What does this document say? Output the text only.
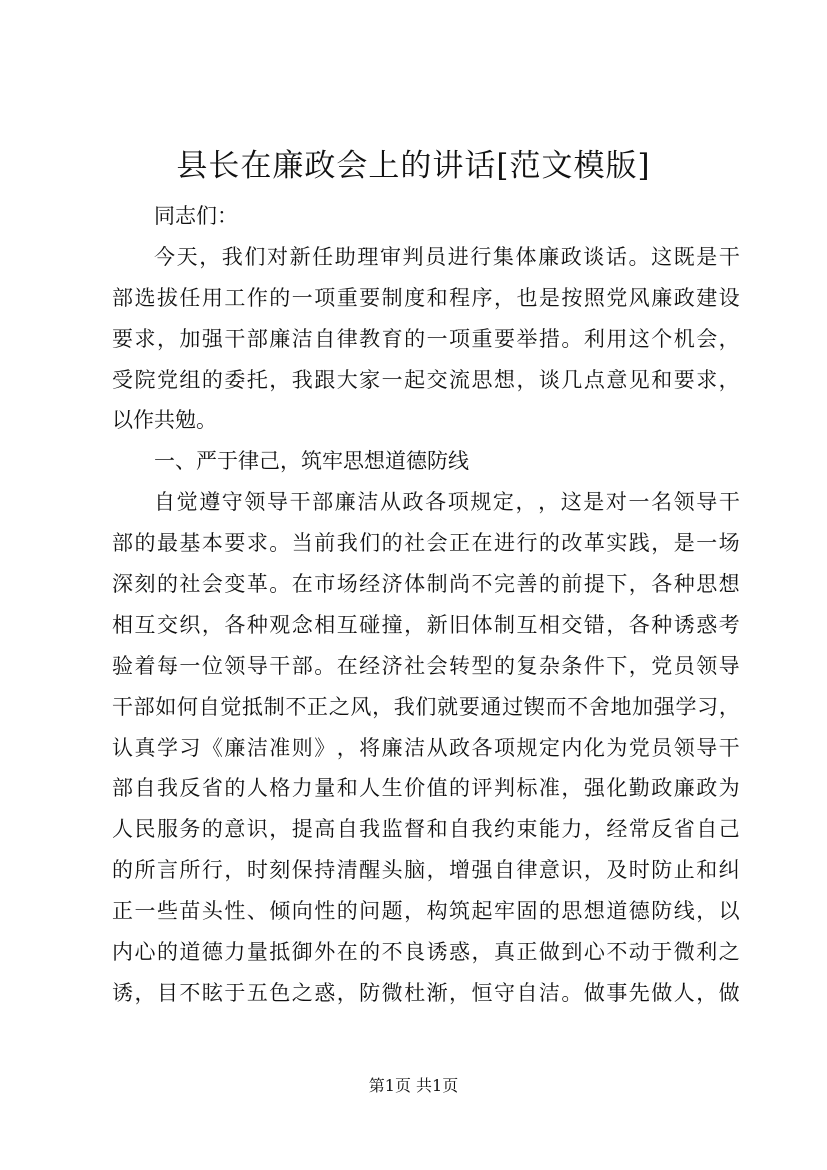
县长在廉政会上的讲话[范文模版]
同志们：
今 天 ， 我 们 对 新 任 助 理 审 判 员 进 行 集 体 廉 政 谈 话 。 这 既 是 干
部 选 拔 任 用 工 作 的 一 项 重 要 制 度 和 程 序 ， 也 是 按 照 党 风 廉 政 建 设
要 求 ， 加 强 干 部 廉 洁 自 律 教 育 的 一 项 重 要 举 措 。 利 用 这 个 机 会 ，
受 院 党 组 的 委 托 ， 我 跟 大 家 一 起 交 流 思 想 ， 谈 几 点 意 见 和 要 求 ，
以作共勉。
一、严于律己，筑牢思想道德防线
自 觉 遵 守 领 导 干 部 廉 洁 从 政 各 项 规 定 ， ， 这 是 对 一 名 领 导 干
部 的 最 基 本 要 求 。 当 前 我 们 的 社 会 正 在 进 行 的 改 革 实 践 ， 是 一 场
深 刻 的 社 会 变 革 。 在 市 场 经 济 体 制 尚 不 完 善 的 前 提 下 ， 各 种 思 想
相 互 交 织 ， 各 种 观 念 相 互 碰 撞 ， 新 旧 体 制 互 相 交 错 ， 各 种 诱 惑 考
验 着 每 一 位 领 导 干 部 。 在 经 济 社 会 转 型 的 复 杂 条 件 下 ， 党 员 领 导
干 部 如 何 自 觉 抵 制 不 正 之 风 ， 我 们 就 要 通 过 锲 而 不 舍 地 加 强 学 习 ，
认 真 学 习 《 廉 洁 准 则 》 ， 将 廉 洁 从 政 各 项 规 定 内 化 为 党 员 领 导 干
部 自 我 反 省 的 人 格 力 量 和 人 生 价 值 的 评 判 标 准 ， 强 化 勤 政 廉 政 为
人 民 服 务 的 意 识 ， 提 高 自 我 监 督 和 自 我 约 束 能 力 ， 经 常 反 省 自 己
的 所 言 所 行 ， 时 刻 保 持 清 醒 头 脑 ， 增 强 自 律 意 识 ， 及 时 防 止 和 纠
正 一 些 苗 头 性 、 倾 向 性 的 问 题 ， 构 筑 起 牢 固 的 思 想 道 德 防 线 ， 以
内 心 的 道 德 力 量 抵 御 外 在 的 不 良 诱 惑 ， 真 正 做 到 心 不 动 于 微 利 之
诱 ， 目 不 眩 于 五 色 之 惑 ， 防 微 杜 渐 ， 恒 守 自 洁 。 做 事 先 做 人 ， 做
第1页 共1页
